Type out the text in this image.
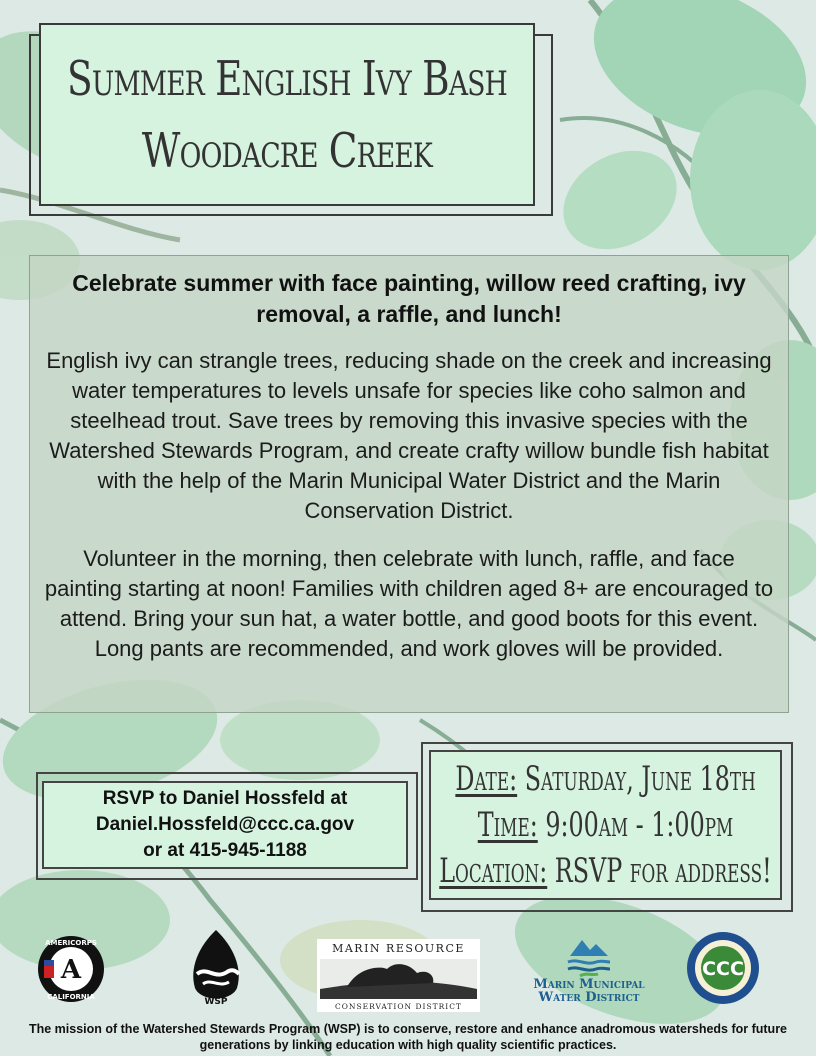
Summer English Ivy Bash
Woodacre Creek

Celebrate summer with face painting, willow reed crafting, ivy removal, a raffle, and lunch!

English ivy can strangle trees, reducing shade on the creek and increasing water temperatures to levels unsafe for species like coho salmon and steelhead trout. Save trees by removing this invasive species with the Watershed Stewards Program, and create crafty willow bundle fish habitat with the help of the Marin Municipal Water District and the Marin Conservation District.

Volunteer in the morning, then celebrate with lunch, raffle, and face painting starting at noon! Families with children aged 8+ are encouraged to attend. Bring your sun hat, a water bottle, and good boots for this event. Long pants are recommended, and work gloves will be provided.

RSVP to Daniel Hossfeld at
Daniel.Hossfeld@ccc.ca.gov
or at 415-945-1188
Date: Saturday, June 18th
Time: 9:00am - 1:00pm
Location: RSVP for address!
A
AMERICORPS
CALIFORNIA	WSP
MARIN RESOURCE
CONSERVATION DISTRICT
Marin Municipal
Water District
CCC
The mission of the Watershed Stewards Program (WSP) is to conserve, restore and enhance anadromous watersheds for future generations by linking education with high quality scientific practices.
